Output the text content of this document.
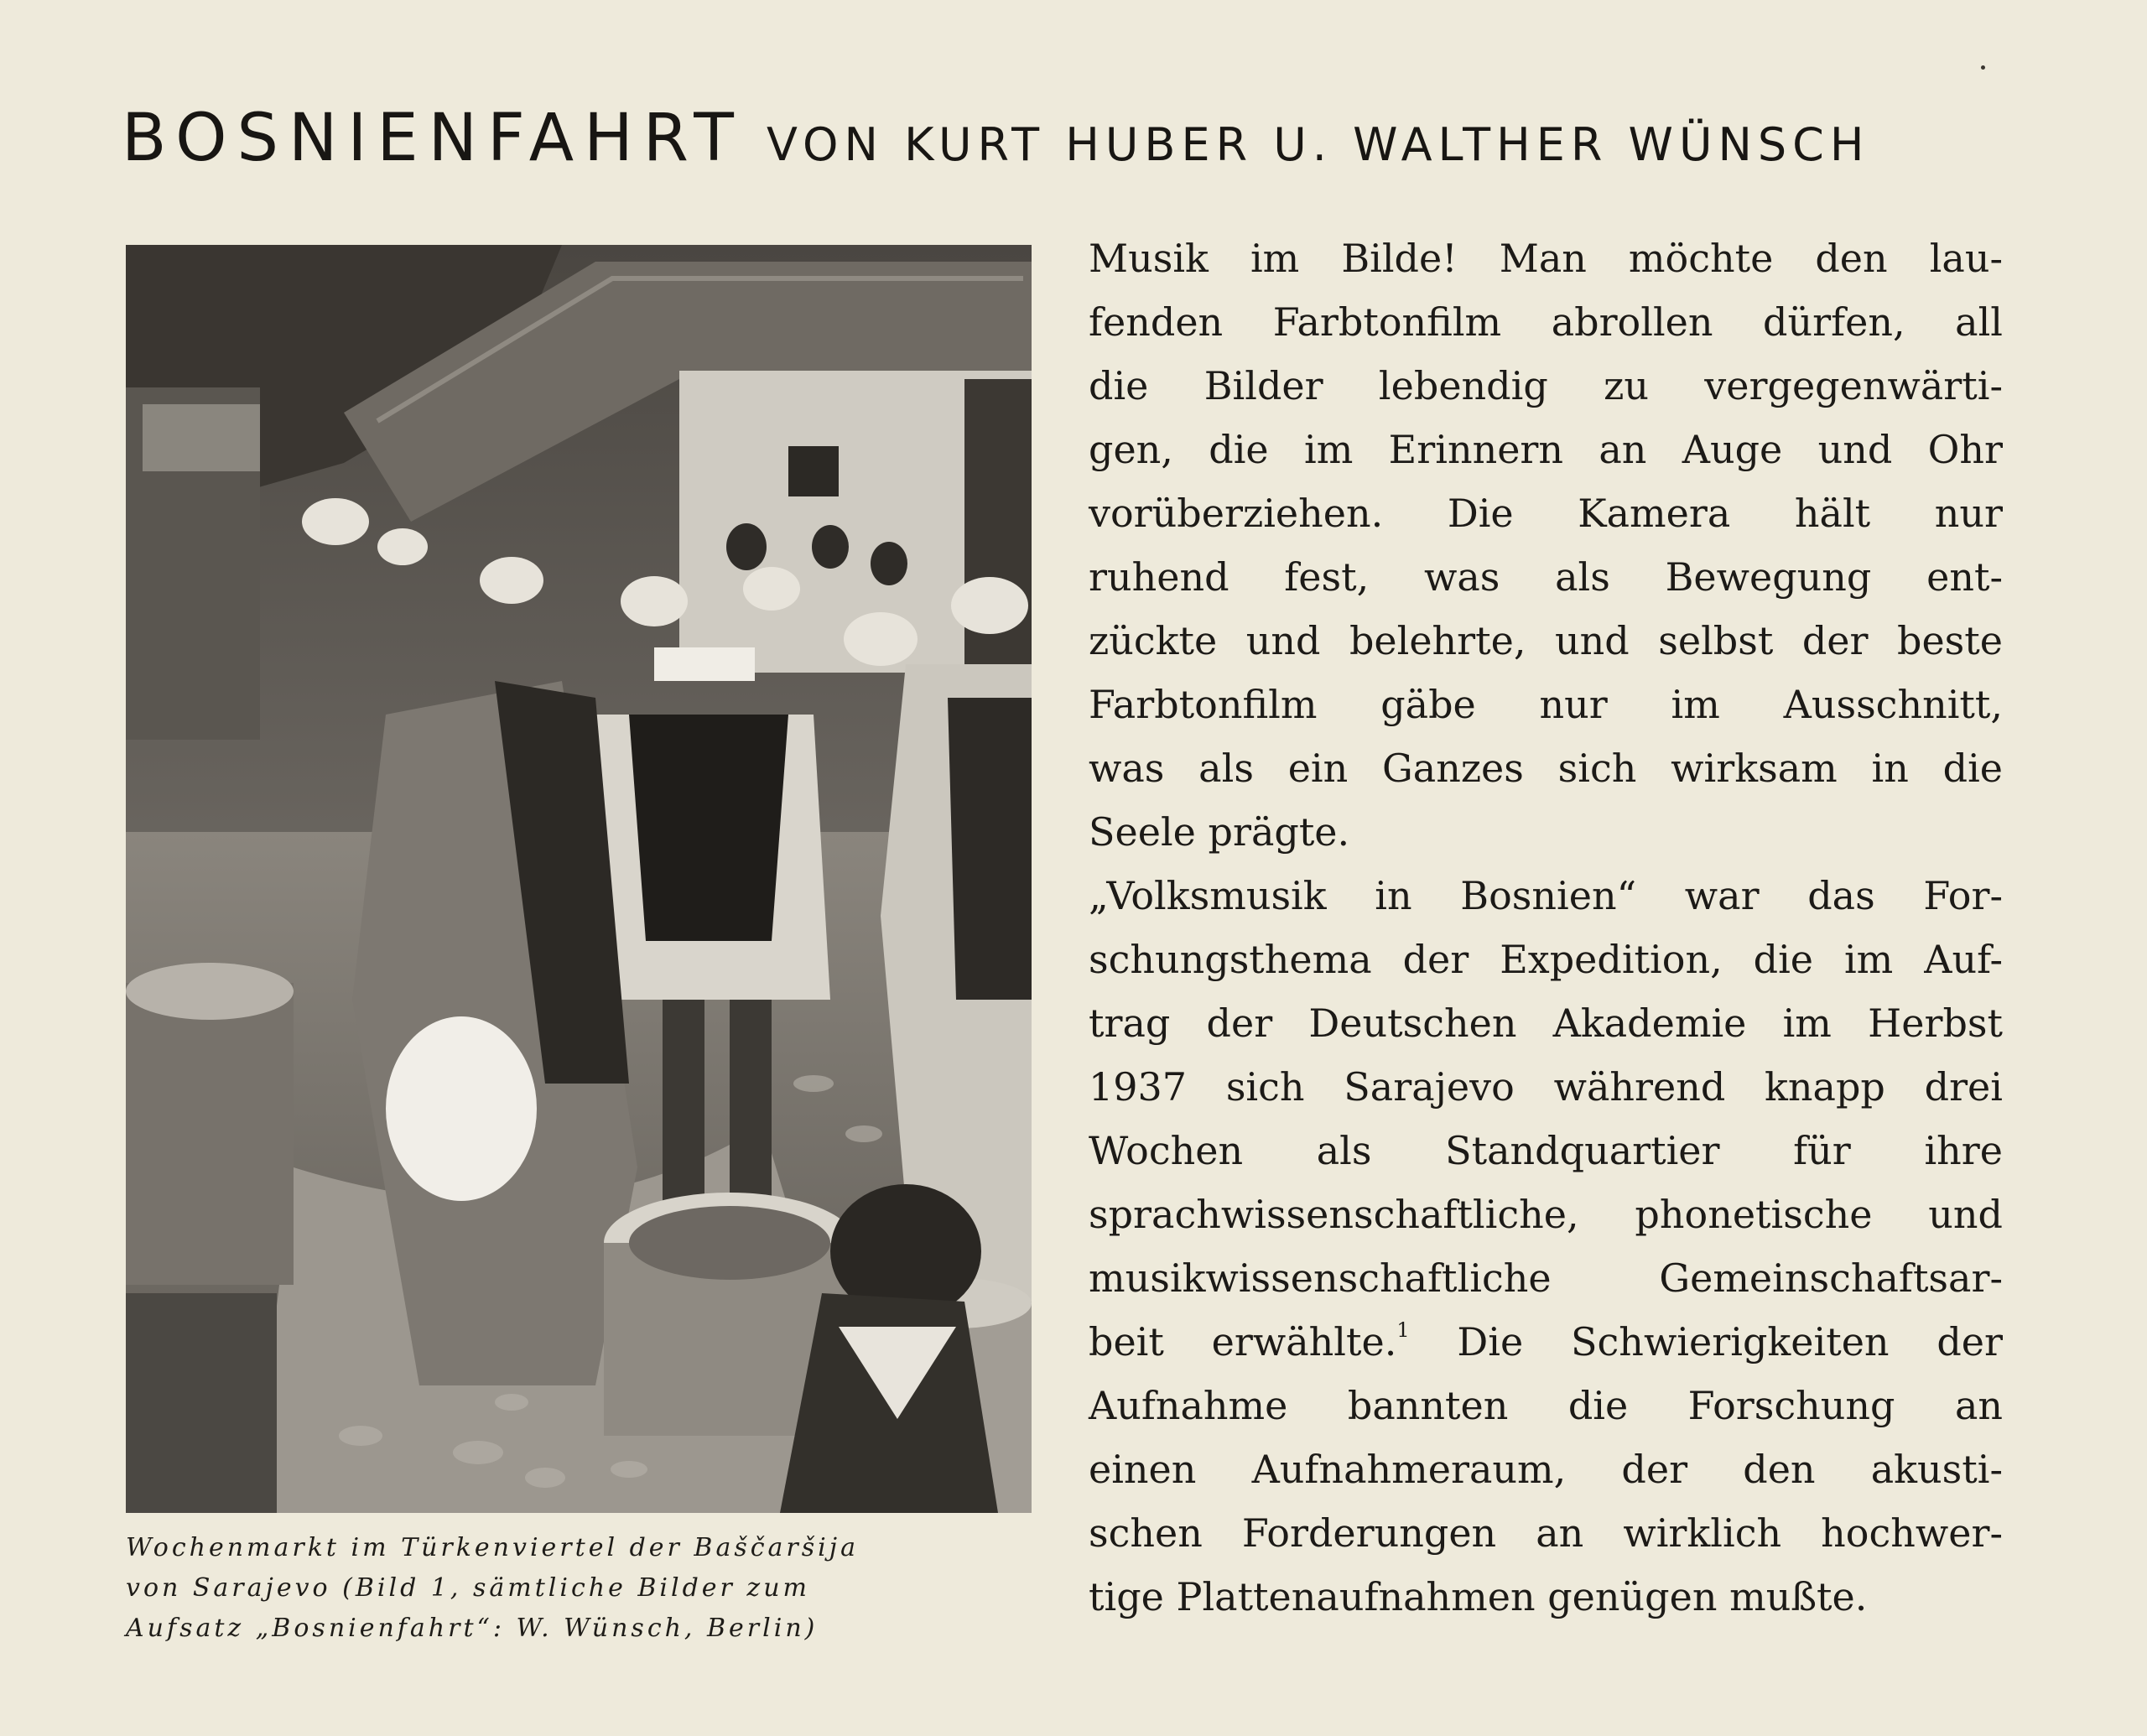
BOSNIENFAHRT VON KURT HUBER U. WALTHER WÜNSCH
Wochenmarkt im Türkenviertel der Baščaršija
von Sarajevo (Bild 1, sämtliche Bilder zum
Aufsatz „Bosnienfahrt“: W. Wünsch, Berlin)
Musik im Bilde! Man möchte den lau-
fenden Farbtonfilm abrollen dürfen, all
die Bilder lebendig zu vergegenwärti-
gen, die im Erinnern an Auge und Ohr
vorüberziehen. Die Kamera hält nur
ruhend fest, was als Bewegung ent-
zückte und belehrte, und selbst der beste
Farbtonfilm gäbe nur im Ausschnitt,
was als ein Ganzes sich wirksam in die
Seele prägte.
„Volksmusik in Bosnien“ war das For-
schungsthema der Expedition, die im Auf-
trag der Deutschen Akademie im Herbst
1937 sich Sarajevo während knapp drei
Wochen als Standquartier für ihre
sprachwissenschaftliche, phonetische und
musikwissenschaftliche Gemeinschaftsar-
beit erwählte.$^1$ Die Schwierigkeiten der
Aufnahme bannten die Forschung an
einen Aufnahmeraum, der den akusti-
schen Forderungen an wirklich hochwer-
tige Plattenaufnahmen genügen mußte.
